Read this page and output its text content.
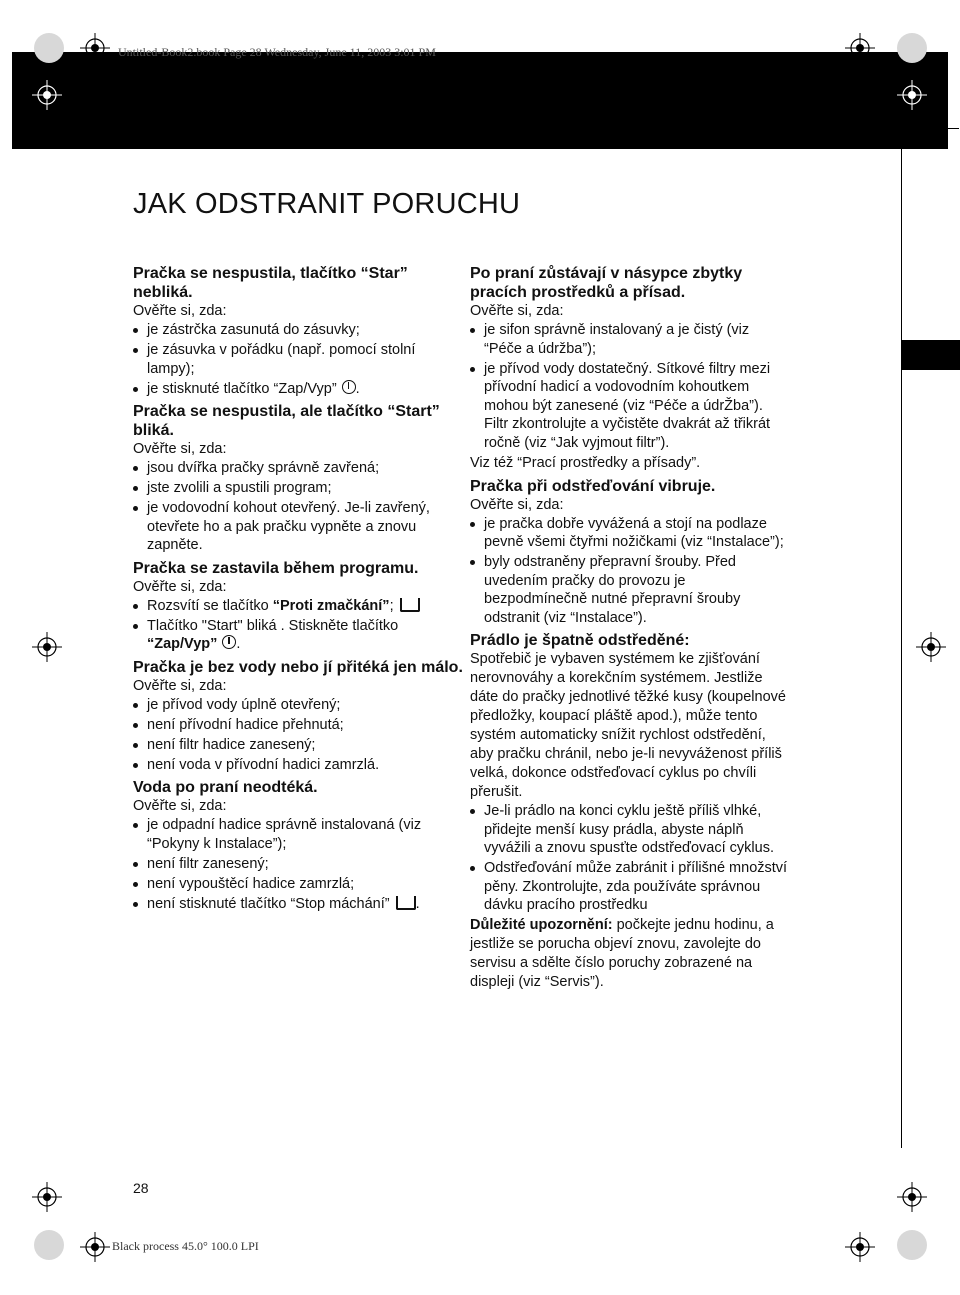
Untitled-Book2.book Page 28 Wednesday, June 11, 2003 3:01 PM
JAK ODSTRANIT PORUCHU

Pračka se nespustila, tlačítko “Star” nebliká.

Ověřte si, zda:

je zástrčka zasunutá do zásuvky;
je zásuvka v pořádku (např. pomocí stolní lampy);
je stisknuté tlačítko “Zap/Vyp” .

Pračka se nespustila, ale tlačítko “Start” bliká.

Ověřte si, zda:

jsou dvířka pračky správně zavřená;
jste zvolili a spustili program;
je vodovodní kohout otevřený. Je-li zavřený, otevřete ho a pak pračku vypněte a znovu zapněte.

Pračka se zastavila během programu.

Ověřte si, zda:

Rozsvítí se tlačítko “Proti zmačkání”;
Tlačítko "Start" bliká . Stiskněte tlačítko
“Zap/Vyp” .

Pračka je bez vody nebo jí přitéká jen málo.

Ověřte si, zda:

je přívod vody úplně otevřený;
není přívodní hadice přehnutá;
není filtr hadice zanesený;
není voda v přívodní hadici zamrzlá.

Voda po praní neodtéká.

Ověřte si, zda:

je odpadní hadice správně instalovaná (viz “Pokyny k Instalace”);
není filtr zanesený;
není vypouštěcí hadice zamrzlá;
není stisknuté tlačítko “Stop máchání” .

Po praní zůstávají v násypce zbytky pracích prostředků a přísad.

Ověřte si, zda:

je sifon správně instalovaný a je čistý (viz “Péče a údržba”);
je přívod vody dostatečný. Sítkové filtry mezi přívodní hadicí a vodovodním kohoutkem mohou být zanesené (viz “Péče a údrŽba”). Filtr zkontrolujte a vyčistěte dvakrát až třikrát ročně (viz “Jak vyjmout filtr”).

Viz též “Prací prostředky a přísady”.

Pračka při odstřeďování vibruje.

Ověřte si, zda:

je pračka dobře vyvážená a stojí na podlaze pevně všemi čtyřmi nožičkami (viz “Instalace”);
byly odstraněny přepravní šrouby. Před uvedením pračky do provozu je bezpodmínečně nutné přepravní šrouby odstranit (viz “Instalace”).

Prádlo je špatně odstředěné:

Spotřebič je vybaven systémem ke zjišťování nerovnováhy a korekčním systémem. Jestliže dáte do pračky jednotlivé těžké kusy (koupelnové předložky, koupací pláště apod.), může tento systém automaticky snížit rychlost odstředění, aby pračku chránil, nebo je-li nevyváženost příliš velká, dokonce odstřeďovací cyklus po chvíli přerušit.

Je-li prádlo na konci cyklu ještě příliš vlhké, přidejte menší kusy prádla, abyste náplň vyvážili a znovu spusťte odstřeďovací cyklus.
Odstřeďování může zabránit i přílišné množství pěny. Zkontrolujte, zda používáte správnou dávku pracího prostředku

Důležité upozornění: počkejte jednu hodinu, a jestliže se porucha objeví znovu, zavolejte do servisu a sdělte číslo poruchy zobrazené na displeji (viz “Servis”).

28
Black process 45.0° 100.0 LPI
